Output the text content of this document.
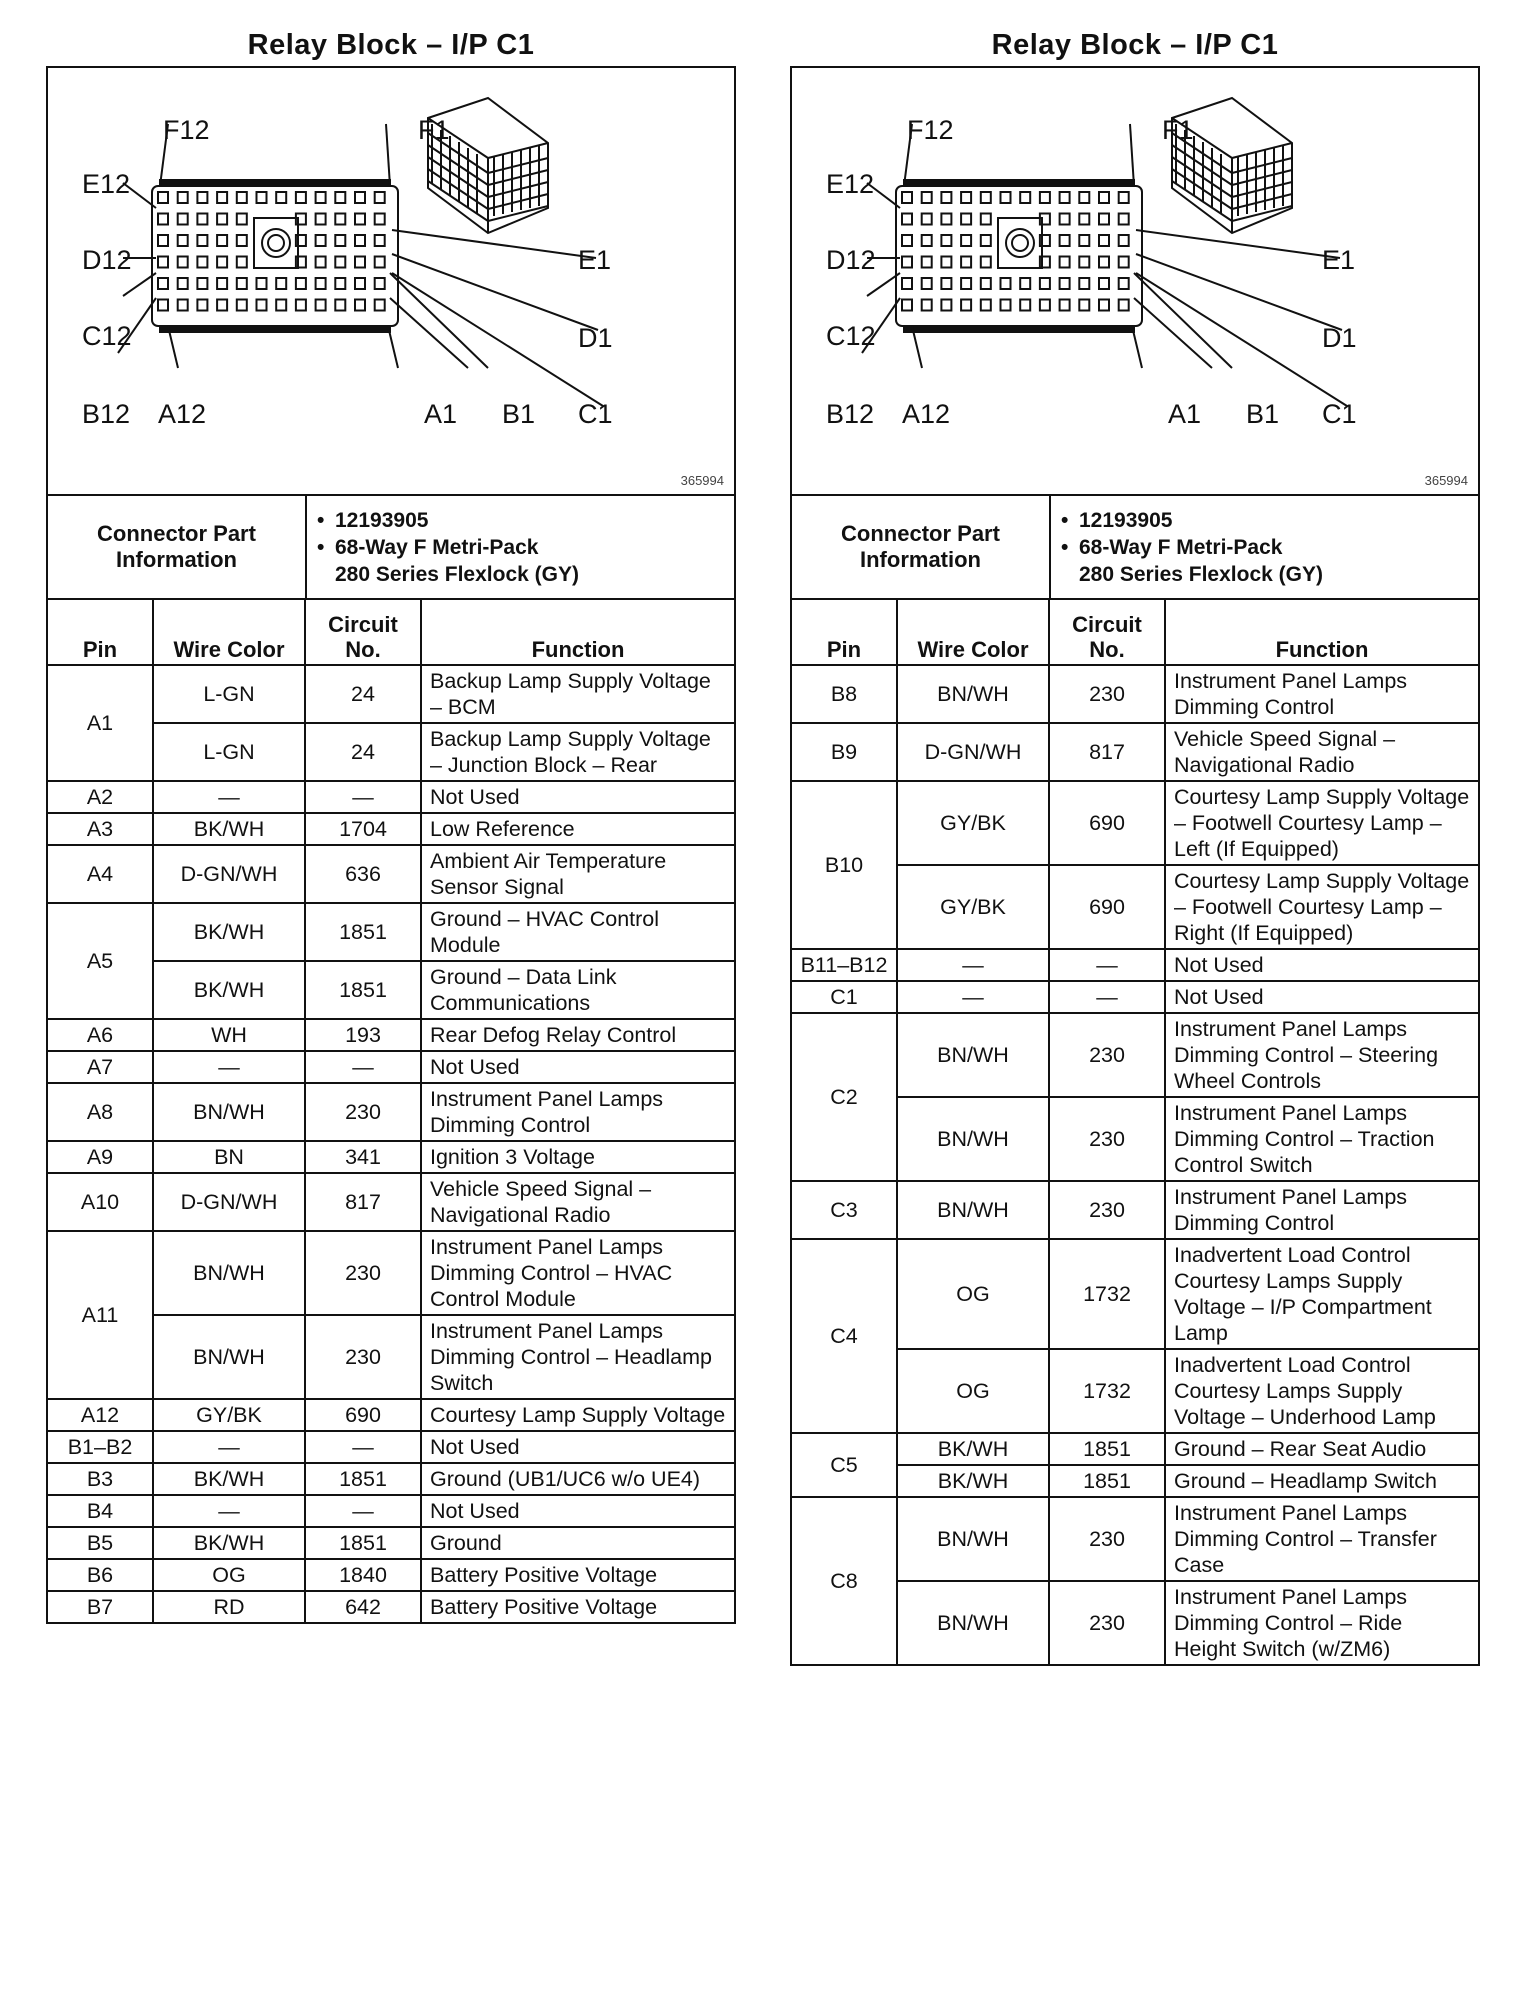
Relay Block – I/P C1
F12	F1
E12
E1
D12
D1
C12
C1
B12 A12	A1 B1
365994
Connector Part Information	
• 12193905
• 68-Way F Metri-Pack
280 Series Flexlock (GY)
Pin	Wire Color	Circuit No.	Function
A1	L-GN	24	Backup Lamp Supply Voltage – BCM
	L-GN	24	Backup Lamp Supply Voltage – Junction Block – Rear
A2	—	—	Not Used
A3	BK/WH	1704	Low Reference
A4	D-GN/WH	636	Ambient Air Temperature Sensor Signal
A5	BK/WH	1851	Ground – HVAC Control Module
	BK/WH	1851	Ground – Data Link Communications
A6	WH	193	Rear Defog Relay Control
A7	—	—	Not Used
A8	BN/WH	230	Instrument Panel Lamps Dimming Control
A9	BN	341	Ignition 3 Voltage
A10	D-GN/WH	817	Vehicle Speed Signal – Navigational Radio
A11	BN/WH	230	Instrument Panel Lamps Dimming Control – HVAC Control Module
	BN/WH	230	Instrument Panel Lamps Dimming Control – Headlamp Switch
A12	GY/BK	690	Courtesy Lamp Supply Voltage
B1–B2	—	—	Not Used
B3	BK/WH	1851	Ground (UB1/UC6 w/o UE4)
B4	—	—	Not Used
B5	BK/WH	1851	Ground
B6	OG	1840	Battery Positive Voltage
B7	RD	642	Battery Positive Voltage
Relay Block – I/P C1
F12	F1
E12
E1
D12
D1
C12
C1
B12 A12	A1 B1
365994
Connector Part Information	
• 12193905
• 68-Way F Metri-Pack
280 Series Flexlock (GY)
Pin	Wire Color	Circuit No.	Function
B8	BN/WH	230	Instrument Panel Lamps Dimming Control
B9	D-GN/WH	817	Vehicle Speed Signal – Navigational Radio
B10	GY/BK	690	Courtesy Lamp Supply Voltage – Footwell Courtesy Lamp – Left (If Equipped)
	GY/BK	690	Courtesy Lamp Supply Voltage – Footwell Courtesy Lamp – Right (If Equipped)
B11–B12	—	—	Not Used
C1	—	—	Not Used
C2	BN/WH	230	Instrument Panel Lamps Dimming Control – Steering Wheel Controls
	BN/WH	230	Instrument Panel Lamps Dimming Control – Traction Control Switch
C3	BN/WH	230	Instrument Panel Lamps Dimming Control
C4	OG	1732	Inadvertent Load Control Courtesy Lamps Supply Voltage – I/P Compartment Lamp
	OG	1732	Inadvertent Load Control Courtesy Lamps Supply Voltage – Underhood Lamp
C5	BK/WH	1851	Ground – Rear Seat Audio
	BK/WH	1851	Ground – Headlamp Switch
C8	BN/WH	230	Instrument Panel Lamps Dimming Control – Transfer Case
	BN/WH	230	Instrument Panel Lamps Dimming Control – Ride Height Switch (w/ZM6)
